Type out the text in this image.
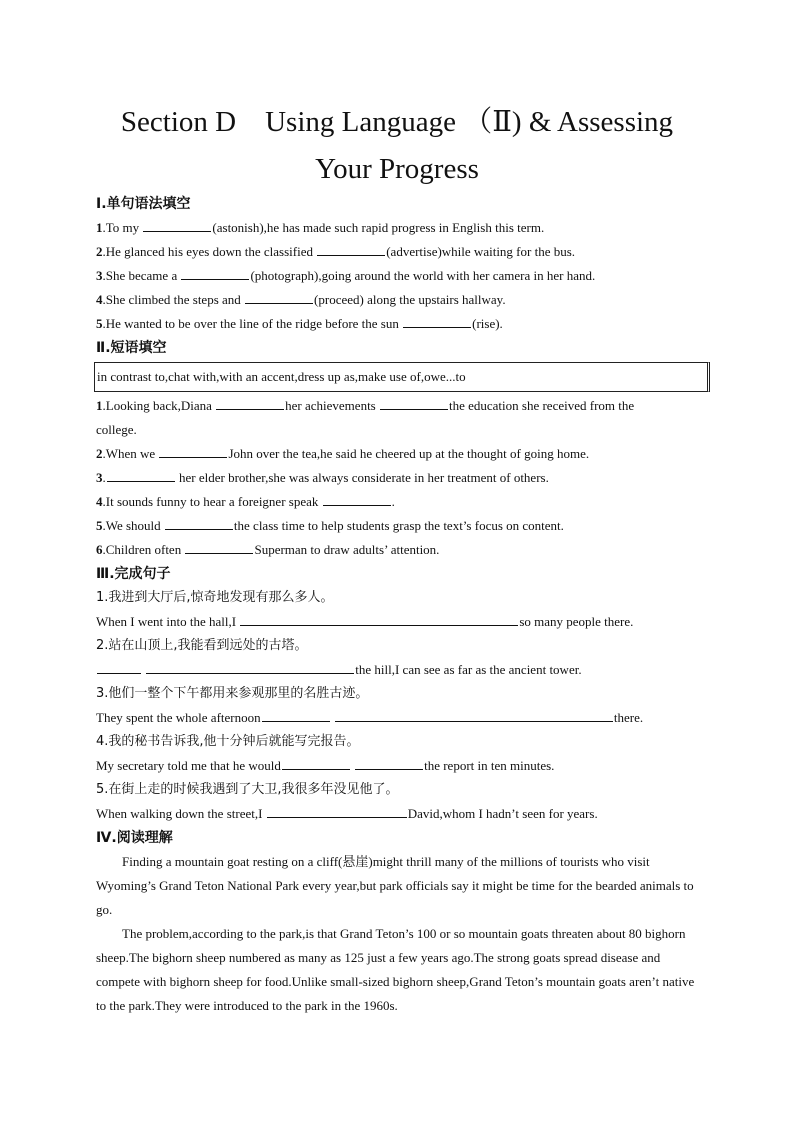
Section D　Using Language （Ⅱ) & Assessing
Your Progress
Ⅰ.单句语法填空
1.To my	(astonish),he has made such rapid progress in English this term.
2.He glanced his eyes down the classified	(advertise)while waiting for the bus.
3.She became a	(photograph),going around the world with her camera in her hand.
4.She climbed the steps and	(proceed) along the upstairs hallway.
5.He wanted to be over the line of the ridge before the sun	(rise).
Ⅱ.短语填空
in contrast to,chat with,with an accent,dress up as,make use of,owe...to
1.Looking back,Diana	her achievements	the education she received from the
college.
2.When we	John over the tea,he said he cheered up at the thought of going home.
3.	her elder brother,she was always considerate in her treatment of others.
4.It sounds funny to hear a foreigner speak	.
5.We should	the class time to help students grasp the text’s focus on content.
6.Children often	Superman to draw adults’ attention.
Ⅲ.完成句子
1.我进到大厅后,惊奇地发现有那么多人。
When I went into the hall,I	so many people there.
2.站在山顶上,我能看到远处的古塔。
the hill,I can see as far as the ancient tower.
3.他们一整个下午都用来参观那里的名胜古迹。
They spent the whole afternoon	there.
4.我的秘书告诉我,他十分钟后就能写完报告。
My secretary told me that he would	the report in ten minutes.
5.在街上走的时候我遇到了大卫,我很多年没见他了。
When walking down the street,I	David,whom I hadn’t seen for years.
Ⅳ.阅读理解
Finding a mountain goat resting on a cliff(悬崖)might thrill many of the millions of tourists who visit Wyoming’s Grand Teton National Park every year,but park officials say it might be time for the bearded animals to go.
The problem,according to the park,is that Grand Teton’s 100 or so mountain goats threaten about 80 bighorn sheep.The bighorn sheep numbered as many as 125 just a few years ago.The strong goats spread disease and compete with bighorn sheep for food.Unlike small-sized bighorn sheep,Grand Teton’s mountain goats aren’t native to the park.They were introduced to the park in the 1960s.
